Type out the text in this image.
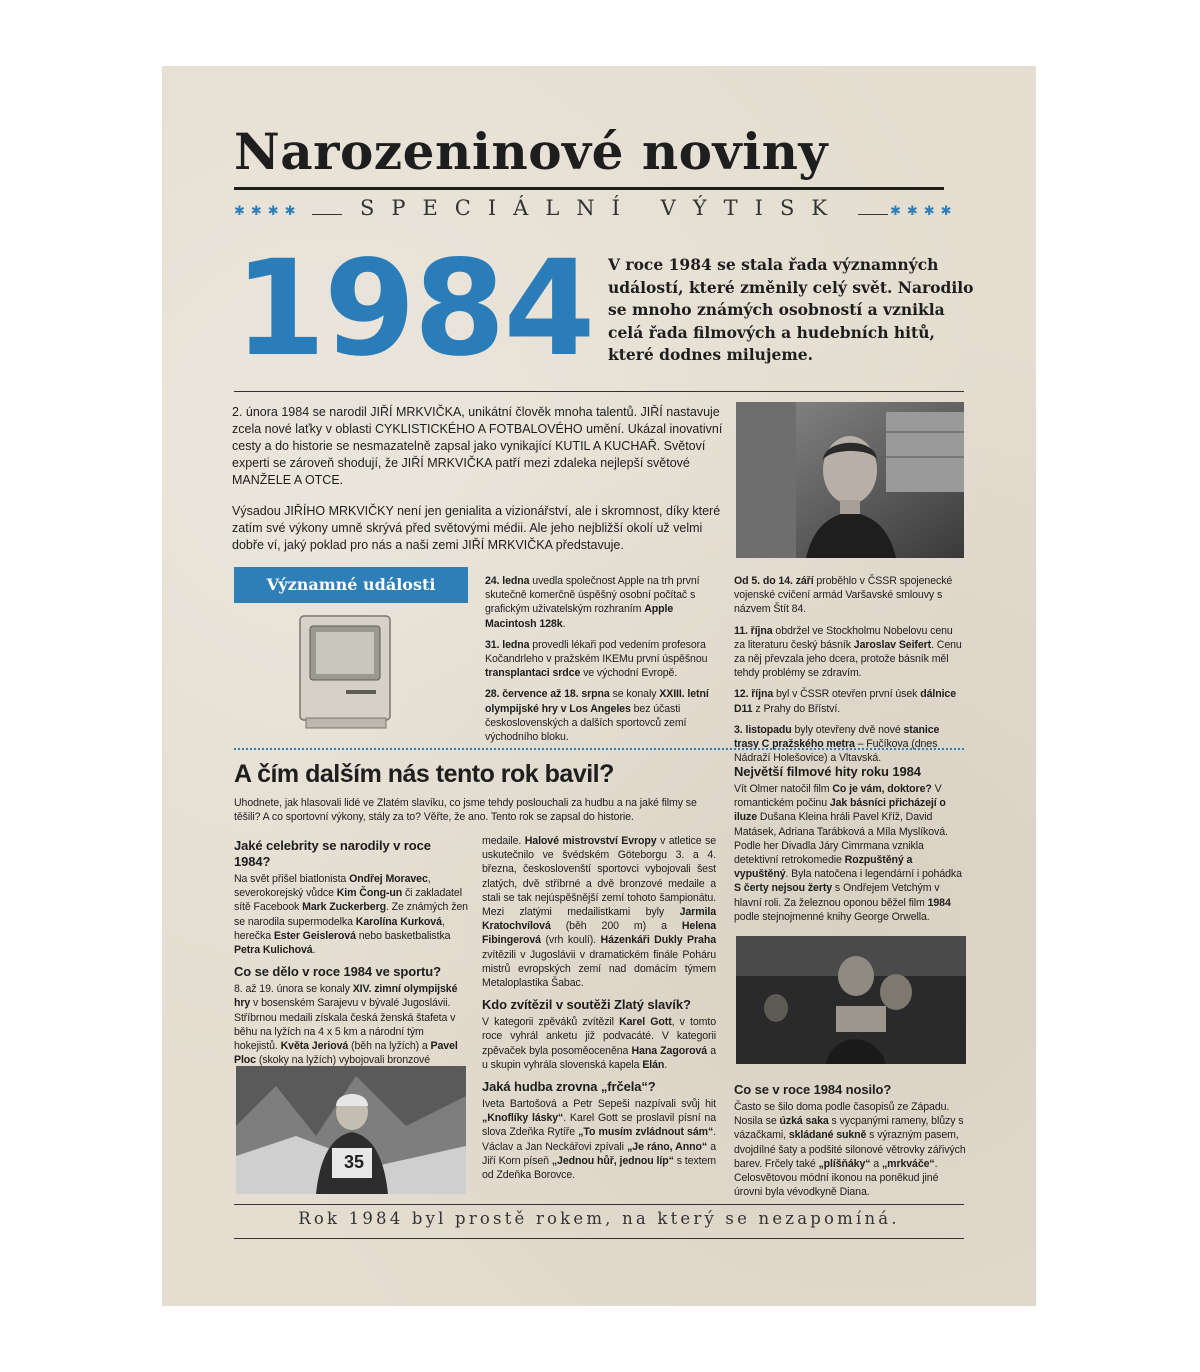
Narozeninové noviny
✱✱✱✱	✱✱✱✱
SPECIÁLNÍ VÝTISK
1984 V roce 1984 se stala řada významných událostí, které změnily celý svět. Narodilo se mnoho známých osobností a vznikla celá řada filmových a hudebních hitů, které dodnes milujeme.

2. února 1984 se narodil JIŘÍ MRKVIČKA, unikátní člověk mnoha talentů. JIŘÍ nastavuje zcela nové laťky v oblasti CYKLISTICKÉHO A FOTBALOVÉHO umění. Ukázal inovativní cesty a do historie se nesmazatelně zapsal jako vynikající KUTIL A KUCHAŘ. Světoví experti se zároveň shodují, že JIŘÍ MRKVIČKA patří mezi zdaleka nejlepší světové MANŽELE A OTCE.

Výsadou JIŘÍHO MRKVIČKY není jen genialita a vizionářství, ale i skromnost, díky které zatím své výkony umně skrývá před světovými médii. Ale jeho nejbližší okolí už velmi dobře ví, jaký poklad pro nás a naši zemi JIŘÍ MRKVIČKA představuje.

Významné události	24. ledna uvedla společnost Apple na trh první skutečně komerčně úspěšný osobní počítač s grafickým uživatelským rozhraním Apple Macintosh 128k.

31. ledna provedli lékaři pod vedením profesora Kočandrleho v pražském IKEMu první úspěšnou transplantaci srdce ve východní Evropě.

28. července až 18. srpna se konaly XXIII. letní olympijské hry v Los Angeles bez účasti československých a dalších sportovců zemí východního bloku.

Od 5. do 14. září proběhlo v ČSSR spojenecké vojenské cvičení armád Varšavské smlouvy s názvem Štít 84.

11. října obdržel ve Stockholmu Nobelovu cenu za literaturu český básník Jaroslav Seifert. Cenu za něj převzala jeho dcera, protože básník měl tehdy problémy se zdravím.

12. října byl v ČSSR otevřen první úsek dálnice D11 z Prahy do Bříství.

3. listopadu byly otevřeny dvě nové stanice trasy C pražského metra – Fučíkova (dnes Nádraží Holešovice) a Vltavská.

A čím dalším nás tento rok bavil?
Uhodnete, jak hlasovali lidé ve Zlatém slavíku, co jsme tehdy poslouchali za hudbu a na jaké filmy se těšili? A co sportovní výkony, stály za to? Věřte, že ano. Tento rok se zapsal do historie.
Jaké celebrity se narodily v roce 1984?

Na svět přišel biatlonista Ondřej Moravec, severokorejský vůdce Kim Čong-un či zakladatel sítě Facebook Mark Zuckerberg. Ze známých žen se narodila supermodelka Karolína Kurková, herečka Ester Geislerová nebo basketbalistka Petra Kulichová.

Co se dělo v roce 1984 ve sportu?

8. až 19. února se konaly XIV. zimní olympijské hry v bosenském Sarajevu v bývalé Jugoslávii. Stříbrnou medaili získala česká ženská štafeta v běhu na lyžích na 4 x 5 km a národní tým hokejistů. Květa Jeriová (běh na lyžích) a Pavel Ploc (skoky na lyžích) vybojovali bronzové

35

medaile. Halové mistrovství Evropy v atletice se uskutečnilo ve švédském Göteborgu 3. a 4. března, českoslovenští sportovci vybojovali šest zlatých, dvě stříbrné a dvě bronzové medaile a stali se tak nejúspěšnější zemí tohoto šampionátu. Mezi zlatými medailistkami byly Jarmila Kratochvílová (běh 200 m) a Helena Fibingerová (vrh koulí). Házenkáři Dukly Praha zvítězili v Jugoslávii v dramatickém finále Poháru mistrů evropských zemí nad domácím týmem Metaloplastika Šabac.

Kdo zvítězil v soutěži Zlatý slavík?

V kategorii zpěváků zvítězil Karel Gott, v tomto roce vyhrál anketu již podvacáté. V kategorii zpěvaček byla posoměoceněna Hana Zagorová a u skupin vyhrála slovenská kapela Elán.

Jaká hudba zrovna „frčela“?

Iveta Bartošová a Petr Sepeši nazpívali svůj hit „Knoflíky lásky“. Karel Gott se proslavil písní na slova Zdeňka Rytíře „To musím zvládnout sám“. Václav a Jan Neckářovi zpívali „Je ráno, Anno“ a Jiří Korn píseň „Jednou hůř, jednou líp“ s textem od Zdeňka Borovce.

Největší filmové hity roku 1984

Vít Olmer natočil film Co je vám, doktore? V romantickém počinu Jak básníci přicházejí o iluze Dušana Kleina hráli Pavel Kříž, David Matásek, Adriana Tarábková a Míla Myslíková. Podle her Divadla Járy Cimrmana vznikla detektivní retrokomedie Rozpuštěný a vypuštěný. Byla natočena i legendární i pohádka S čerty nejsou žerty s Ondřejem Vetchým v hlavní roli. Za železnou oponou běžel film 1984 podle stejnojmenné knihy George Orwella.

Co se v roce 1984 nosilo?

Často se šilo doma podle časopisů ze Západu. Nosila se úzká saka s vycpanými rameny, blůzy s vázačkami, skládané sukně s výrazným pasem, dvojdílné šaty a podšité silonové větrovky zářivých barev. Frčely také „plíšňáky“ a „mrkváče“. Celosvětovou módní ikonou na poněkud jiné úrovni byla vévodkyně Diana.

Rok 1984 byl prostě rokem, na který se nezapomíná.
